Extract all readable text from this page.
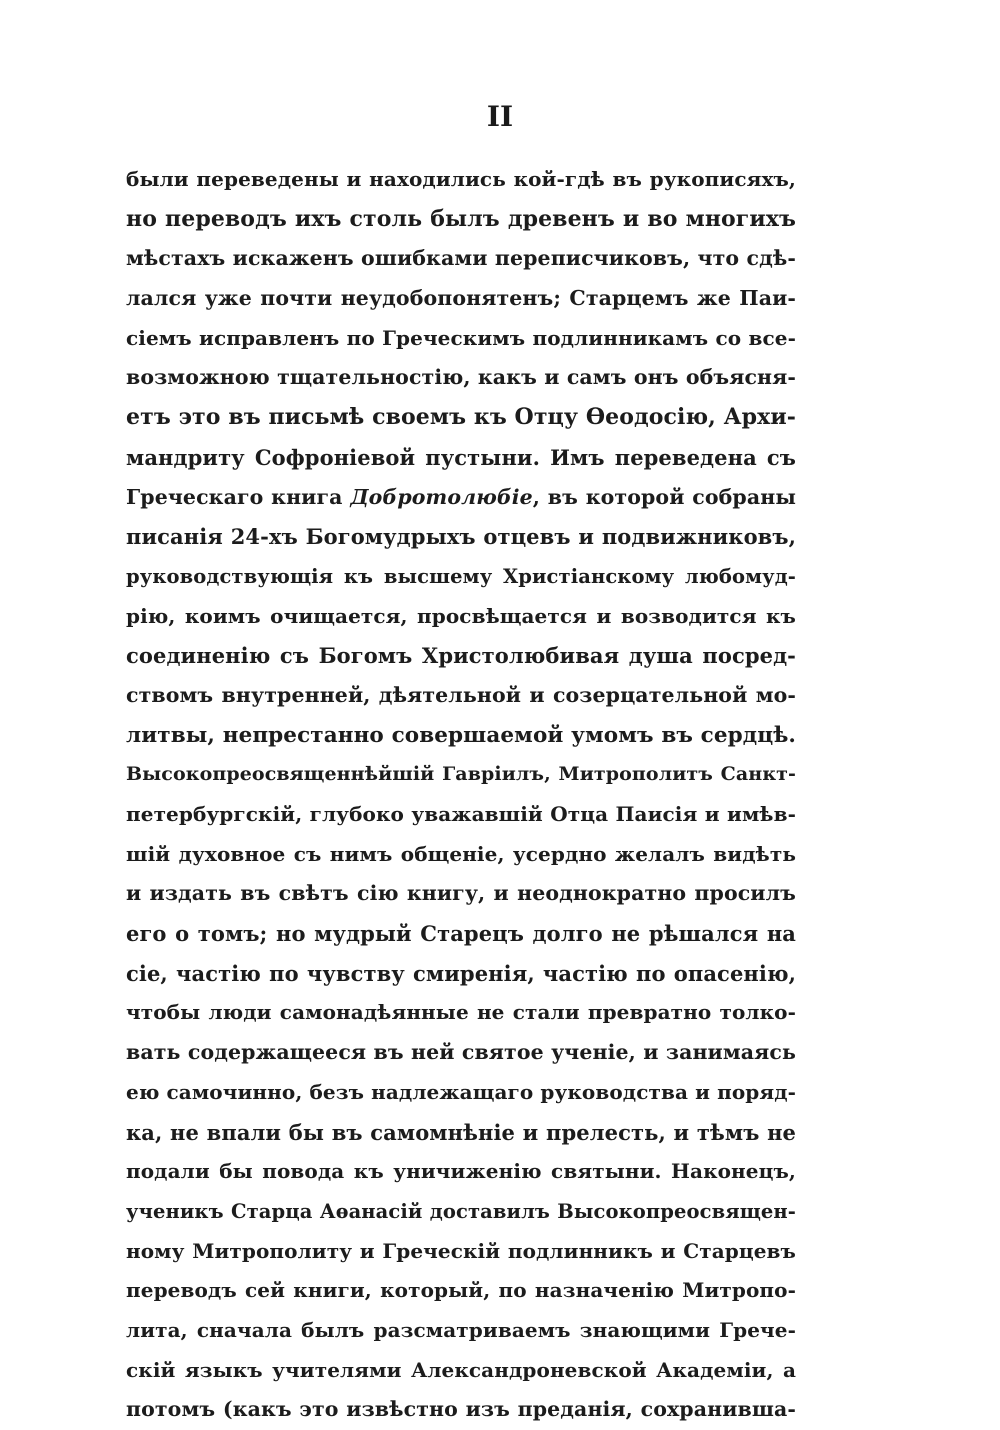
II
были переведены и находились кой-гдѣ въ рукописяхъ,
но переводъ ихъ столь былъ древенъ и во многихъ
мѣстахъ искаженъ ошибками переписчиковъ, что сдѣ-
лался уже почти неудобопонятенъ; Старцемъ же Паи-
сіемъ исправленъ по Греческимъ подлинникамъ со все-
возможною тщательностію, какъ и самъ онъ объясня-
етъ это въ письмѣ своемъ къ Отцу Ѳеодосію, Архи-
мандриту Софроніевой пустыни. Имъ переведена съ
Греческаго книга Добротолюбіе, въ которой собраны
писанія 24-хъ Богомудрыхъ отцевъ и подвижниковъ,
руководствующія къ высшему Христіанскому любомуд-
рію, коимъ очищается, просвѣщается и возводится къ
соединенію съ Богомъ Христолюбивая душа посред-
ствомъ внутренней, дѣятельной и созерцательной мо-
литвы, непрестанно совершаемой умомъ въ сердцѣ.
Высокопреосвященнѣйшій Гавріилъ, Митрополитъ Санкт-
петербургскій, глубоко уважавшій Отца Паисія и имѣв-
шій духовное съ нимъ общеніе, усердно желалъ видѣть
и издать въ свѣтъ сію книгу, и неоднократно просилъ
его о томъ; но мудрый Старецъ долго не рѣшался на
сіе, частію по чувству смиренія, частію по опасенію,
чтобы люди самонадѣянные не стали превратно толко-
вать содержащееся въ ней святое ученіе, и занимаясь
ею самочинно, безъ надлежащаго руководства и поряд-
ка, не впали бы въ самомнѣніе и прелесть, и тѣмъ не
подали бы повода къ уничиженію святыни. Наконецъ,
ученикъ Старца Аѳанасій доставилъ Высокопреосвящен-
ному Митрополиту и Греческій подлинникъ и Старцевъ
переводъ сей книги, который, по назначенію Митропо-
лита, сначала былъ разсматриваемъ знающими Грече-
скій языкъ учителями Александроневской Академіи, а
потомъ (какъ это извѣстно изъ преданія, сохранивша-
